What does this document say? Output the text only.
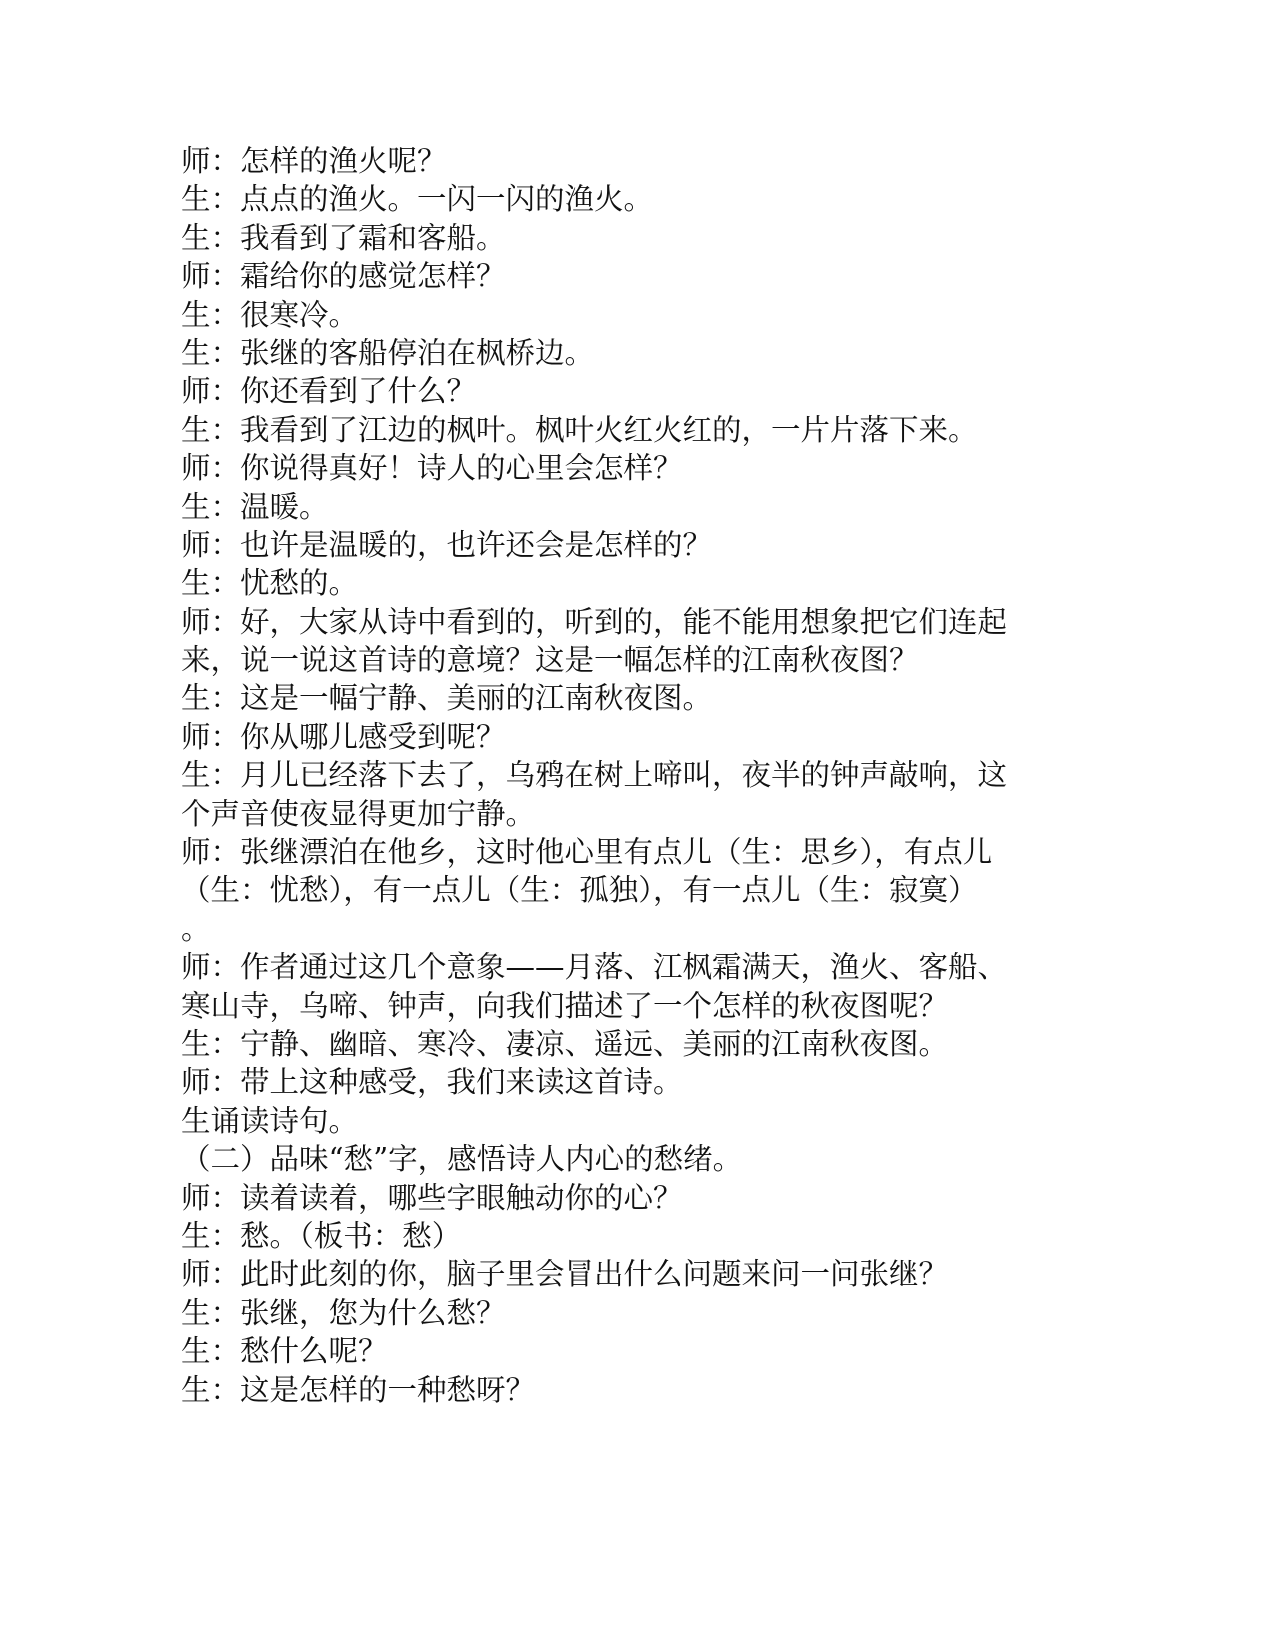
师：怎样的渔火呢？
生：点点的渔火。一闪一闪的渔火。
生：我看到了霜和客船。
师：霜给你的感觉怎样？
生：很寒冷。
生：张继的客船停泊在枫桥边。
师：你还看到了什么？
生：我看到了江边的枫叶。枫叶火红火红的，一片片落下来。
师：你说得真好！诗人的心里会怎样？
生：温暖。
师：也许是温暖的，也许还会是怎样的？
生：忧愁的。
师：好，大家从诗中看到的，听到的，能不能用想象把它们连起
来，说一说这首诗的意境？这是一幅怎样的江南秋夜图？
生：这是一幅宁静、美丽的江南秋夜图。
师：你从哪儿感受到呢？
生：月儿已经落下去了，乌鸦在树上啼叫，夜半的钟声敲响，这
个声音使夜显得更加宁静。
师：张继漂泊在他乡，这时他心里有点儿（生：思乡），有点儿
（生：忧愁），有一点儿（生：孤独），有一点儿（生：寂寞）
。
师：作者通过这几个意象——月落、江枫霜满天，渔火、客船、
寒山寺，乌啼、钟声，向我们描述了一个怎样的秋夜图呢？
生：宁静、幽暗、寒冷、凄凉、遥远、美丽的江南秋夜图。
师：带上这种感受，我们来读这首诗。
生诵读诗句。
（二）品味“愁”字，感悟诗人内心的愁绪。
师：读着读着，哪些字眼触动你的心？
生：愁。（板书：愁）
师：此时此刻的你，脑子里会冒出什么问题来问一问张继？
生：张继，您为什么愁？
生：愁什么呢？
生：这是怎样的一种愁呀？
